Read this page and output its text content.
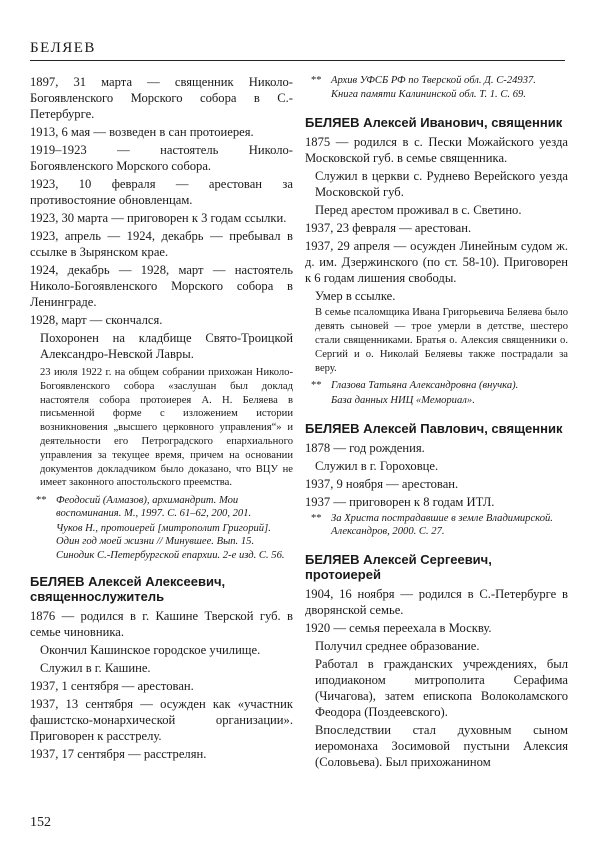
БЕЛЯЕВ

1897, 31 марта — священник Николо-Богоявленского Морского собора в С.-Петербурге.

1913, 6 мая — возведен в сан протоиерея.

1919–1923 — настоятель Николо-Богоявленского Морского собора.

1923, 10 февраля — арестован за противостояние обновленцам.

1923, 30 марта — приговорен к 3 годам ссылки.

1923, апрель — 1924, декабрь — пребывал в ссылке в Зырянском крае.

1924, декабрь — 1928, март — настоятель Николо-Богоявленского Морского собора в Ленинграде.

1928, март — скончался.

Похоронен на кладбище Свято-Троицкой Александро-Невской Лавры.

23 июля 1922 г. на общем собрании прихожан Николо-Богоявленского собора «заслушан был доклад настоятеля собора протоиерея А. Н. Беляева в письменной форме с изложением истории возникновения „высшего церковного управления“» и деятельности его Петроградского епархиального управления за текущее время, причем на основании документов докладчиком было доказано, что ВЦУ не имеет законного апостольского преемства.

** Феодосий (Алмазов), архимандрит. Мои воспоминания. М., 1997. С. 61–62, 200, 201.
Чуков Н., протоиерей [митрополит Григорий]. Один год моей жизни // Минувшее. Вып. 15.
Синодик С.-Петербургской епархии. 2-е изд. С. 56.
БЕЛЯЕВ Алексей Алексеевич, священнослужитель

1876 — родился в г. Кашине Тверской губ. в семье чиновника.

Окончил Кашинское городское училище.

Служил в г. Кашине.

1937, 1 сентября — арестован.

1937, 13 сентября — осужден как «участник фашистско-монархической организации». Приговорен к расстрелу.

1937, 17 сентября — расстрелян.

** Архив УФСБ РФ по Тверской обл. Д. С-24937.
Книга памяти Калининской обл. Т. 1. С. 69.
БЕЛЯЕВ Алексей Иванович, священник

1875 — родился в с. Пески Можайского уезда Московской губ. в семье священника.

Служил в церкви с. Руднево Верейского уезда Московской губ.

Перед арестом проживал в с. Светино.

1937, 23 февраля — арестован.

1937, 29 апреля — осужден Линейным судом ж. д. им. Дзержинского (по ст. 58-10). Приговорен к 6 годам лишения свободы.

Умер в ссылке.

В семье псаломщика Ивана Григорьевича Беляева было девять сыновей — трое умерли в детстве, шестеро стали священниками. Братья о. Алексия священники о. Сергий и о. Николай Беляевы также пострадали за веру.

** Глазова Татьяна Александровна (внучка).
База данных НИЦ «Мемориал».
БЕЛЯЕВ Алексей Павлович, священник

1878 — год рождения.

Служил в г. Гороховце.

1937, 9 ноября — арестован.

1937 — приговорен к 8 годам ИТЛ.

** За Христа пострадавшие в земле Владимирской. Александров, 2000. С. 27.
БЕЛЯЕВ Алексей Сергеевич, протоиерей

1904, 16 ноября — родился в С.-Петербурге в дворянской семье.

1920 — семья переехала в Москву.

Получил среднее образование.

Работал в гражданских учреждениях, был иподиаконом митрополита Серафима (Чичагова), затем епископа Волоколамского Феодора (Поздеевского).

Впоследствии стал духовным сыном иеромонаха Зосимовой пустыни Алексия (Соловьева). Был прихожанином

152
